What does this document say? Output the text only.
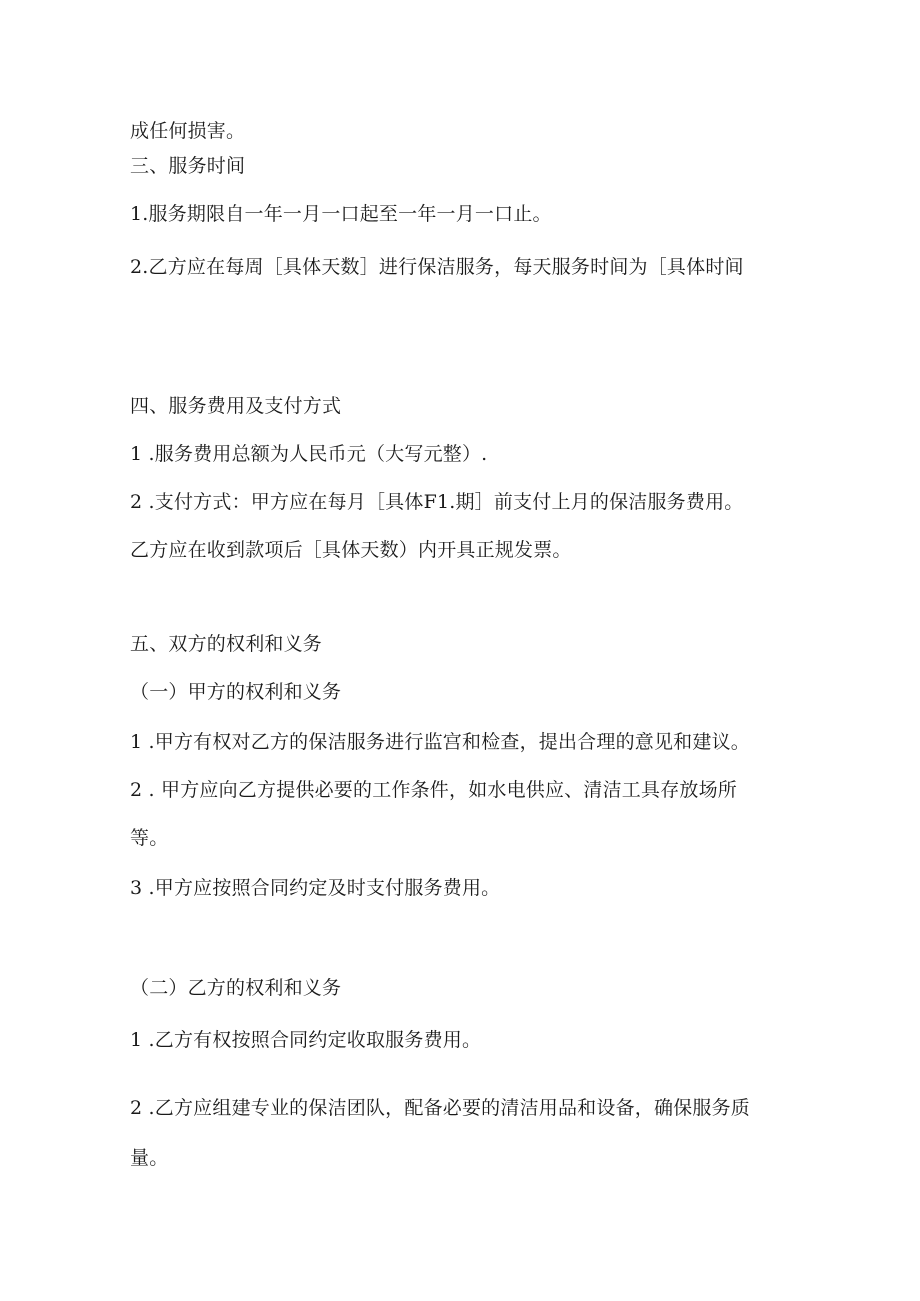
成任何损害。
三、服务时间
1.服务期限自一年一月一口起至一年一月一口止。
2.乙方应在每周［具体天数］进行保洁服务，每天服务时间为［具体时间
四、服务费用及支付方式
1 .服务费用总额为人民币元（大写元整）.
2 .支付方式：甲方应在每月［具体F1.期］前支付上月的保洁服务费用。
乙方应在收到款项后［具体天数）内开具正规发票。
五、双方的权利和义务
（一）甲方的权利和义务
1 .甲方有权对乙方的保洁服务进行监宫和检查，提出合理的意见和建议。
2 . 甲方应向乙方提供必要的工作条件，如水电供应、清洁工具存放场所
等。
3 .甲方应按照合同约定及时支付服务费用。
（二）乙方的权利和义务
1 .乙方有权按照合同约定收取服务费用。
2 .乙方应组建专业的保洁团队，配备必要的清洁用品和设备，确保服务质
量。
